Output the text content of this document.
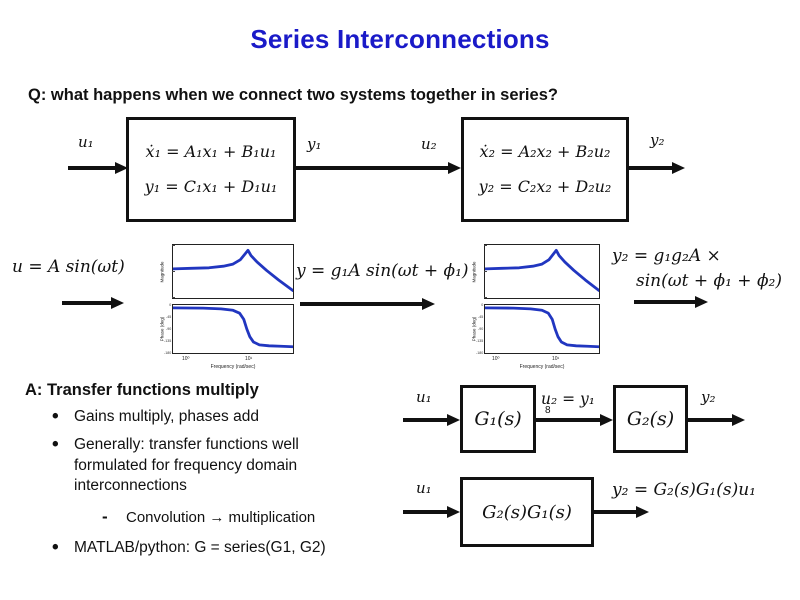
Series Interconnections
Q: what happens when we connect two systems together in series?
u₁
ẋ₁ = A₁x₁ + B₁u₁
y₁ = C₁x₁ + D₁u₁
y₁	u₂	ẋ₂ = A₂x₂ + B₂u₂
y₂ = C₂x₂ + D₂u₂
y₂
u = A sin(ωt)	Magnitude
Phase (deg)
0
-45
-90
-135
-180
10⁰	10¹
Frequency (rad/sec)
y = g₁A sin(ωt + ϕ₁) Magnitude
Phase (deg)
0
-45
-90
-135
-180
10⁰	10¹
Frequency (rad/sec)
y₂ = g₁g₂A ×
sin(ωt + ϕ₁ + ϕ₂)
A: Transfer functions multiply
• Gains multiply, phases add
• Generally: transfer functions well formulated for frequency domain interconnections
-	Convolution → multiplication
• MATLAB/python: G = series(G1, G2)
u₁
G₁(s)
u₂ = y₁
8	G₂(s)
y₂
u₁
G₂(s)G₁(s)
y₂ = G₂(s)G₁(s)u₁
